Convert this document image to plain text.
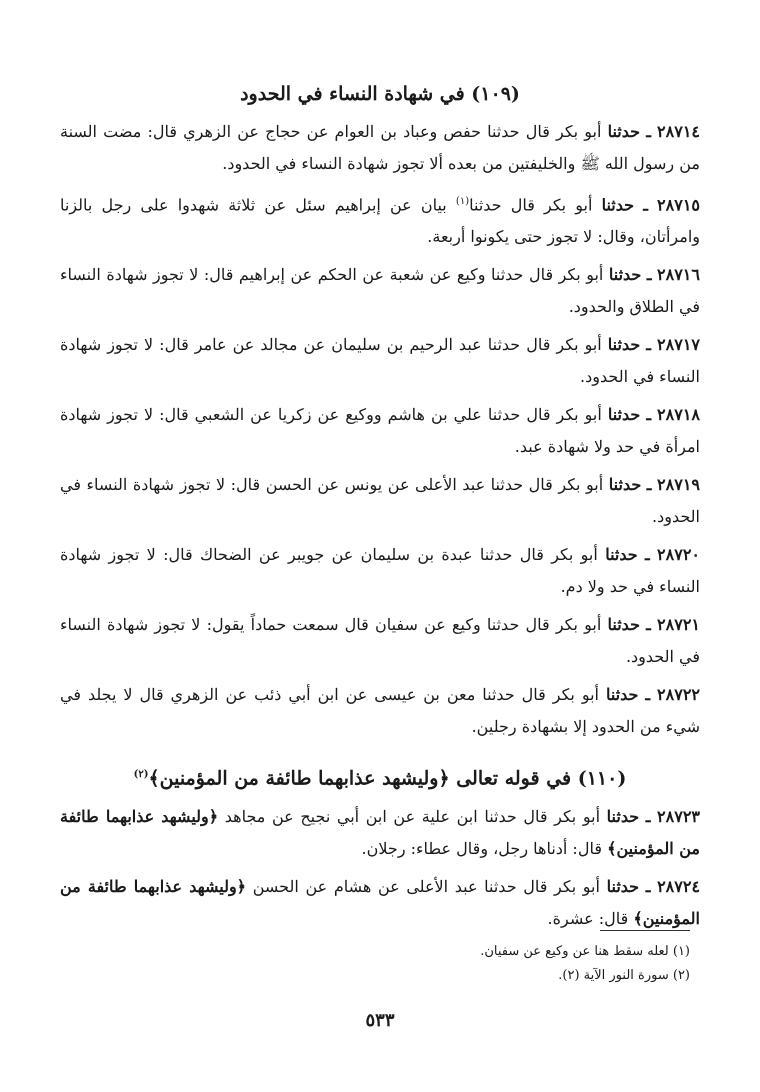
(١٠٩) في شهادة النساء في الحدود

٢٨٧١٤ ـ حدثنا أبو بكر قال حدثنا حفص وعباد بن العوام عن حجاج عن الزهري قال: مضت السنة من رسول الله ﷺ والخليفتين من بعده ألا تجوز شهادة النساء في الحدود.

٢٨٧١٥ ـ حدثنا أبو بكر قال حدثنا$^{(١)}$ بيان عن إبراهيم سئل عن ثلاثة شهدوا على رجل بالزنا وامرأتان، وقال: لا تجوز حتى يكونوا أربعة.

٢٨٧١٦ ـ حدثنا أبو بكر قال حدثنا وكيع عن شعبة عن الحكم عن إبراهيم قال: لا تجوز شهادة النساء في الطلاق والحدود.

٢٨٧١٧ ـ حدثنا أبو بكر قال حدثنا عبد الرحيم بن سليمان عن مجالد عن عامر قال: لا تجوز شهادة النساء في الحدود.

٢٨٧١٨ ـ حدثنا أبو بكر قال حدثنا علي بن هاشم ووكيع عن زكريا عن الشعبي قال: لا تجوز شهادة امرأة في حد ولا شهادة عبد.

٢٨٧١٩ ـ حدثنا أبو بكر قال حدثنا عبد الأعلى عن يونس عن الحسن قال: لا تجوز شهادة النساء في الحدود.

٢٨٧٢٠ ـ حدثنا أبو بكر قال حدثنا عبدة بن سليمان عن جويبر عن الضحاك قال: لا تجوز شهادة النساء في حد ولا دم.

٢٨٧٢١ ـ حدثنا أبو بكر قال حدثنا وكيع عن سفيان قال سمعت حماداً يقول: لا تجوز شهادة النساء في الحدود.

٢٨٧٢٢ ـ حدثنا أبو بكر قال حدثنا معن بن عيسى عن ابن أبي ذئب عن الزهري قال لا يجلد في شيء من الحدود إلا بشهادة رجلين.

(١١٠) في قوله تعالى ﴿وليشهد عذابهما طائفة من المؤمنين﴾$^{(٢)}$

٢٨٧٢٣ ـ حدثنا أبو بكر قال حدثنا ابن علية عن ابن أبي نجيح عن مجاهد ﴿وليشهد عذابهما طائفة من المؤمنين﴾ قال: أدناها رجل، وقال عطاء: رجلان.

٢٨٧٢٤ ـ حدثنا أبو بكر قال حدثنا عبد الأعلى عن هشام عن الحسن ﴿وليشهد عذابهما طائفة من المؤمنين﴾ قال: عشرة.

(١) لعله سقط هنا عن وكيع عن سفيان.
(٢) سورة النور الآية (٢).
٥٣٣
